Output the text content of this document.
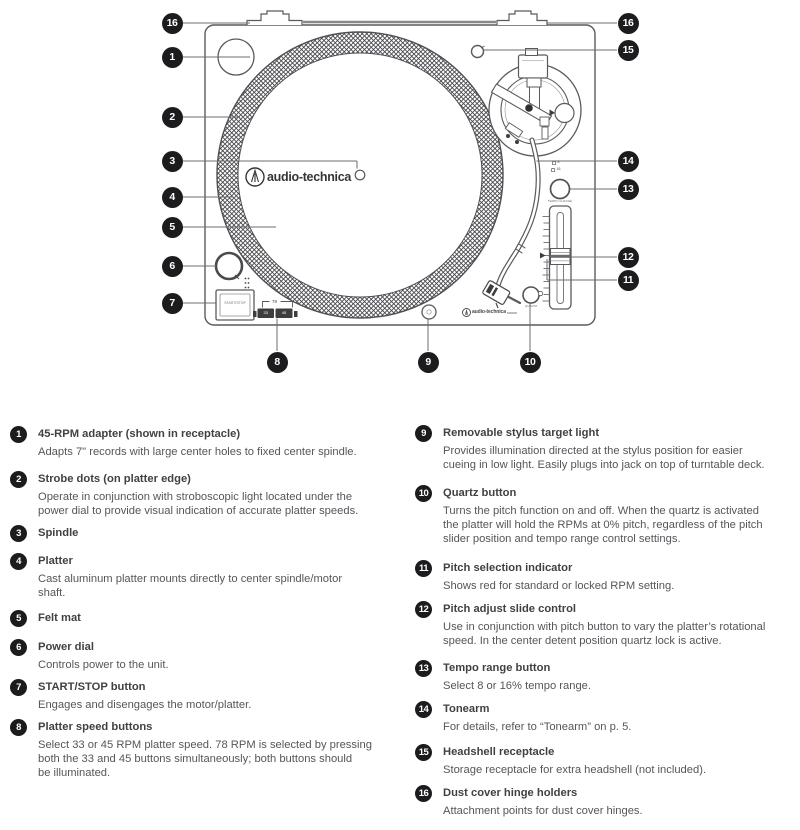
16
1
2
3
4
5
6
7
8	9	10
11
12
13
14
15
16
audio-technica
audio-technica
START/STOP	78
33	45
QUARTZ
TEMPO CHANGE
8
16
1	45-RPM adapter (shown in receptacle)
Adapts 7" records with large center holes to fixed center spindle.
2	Strobe dots (on platter edge)
Operate in conjunction with stroboscopic light located under the
power dial to provide visual indication of accurate platter speeds.
3	Spindle
4	Platter
Cast aluminum platter mounts directly to center spindle/motor
shaft.
5	Felt mat
6	Power dial
Controls power to the unit.
7	START/STOP button
Engages and disengages the motor/platter.
8	Platter speed buttons
Select 33 or 45 RPM platter speed. 78 RPM is selected by pressing
both the 33 and 45 buttons simultaneously; both buttons should
be illuminated.
9	Removable stylus target light
Provides illumination directed at the stylus position for easier
cueing in low light. Easily plugs into jack on top of turntable deck.
10	Quartz button
Turns the pitch function on and off. When the quartz is activated
the platter will hold the RPMs at 0% pitch, regardless of the pitch
slider position and tempo range control settings.
11	Pitch selection indicator
Shows red for standard or locked RPM setting.
12	Pitch adjust slide control
Use in conjunction with pitch button to vary the platter’s rotational
speed. In the center detent position quartz lock is active.
13	Tempo range button
Select 8 or 16% tempo range.
14	Tonearm
For details, refer to “Tonearm” on p. 5.
15	Headshell receptacle
Storage receptacle for extra headshell (not included).
16	Dust cover hinge holders
Attachment points for dust cover hinges.
